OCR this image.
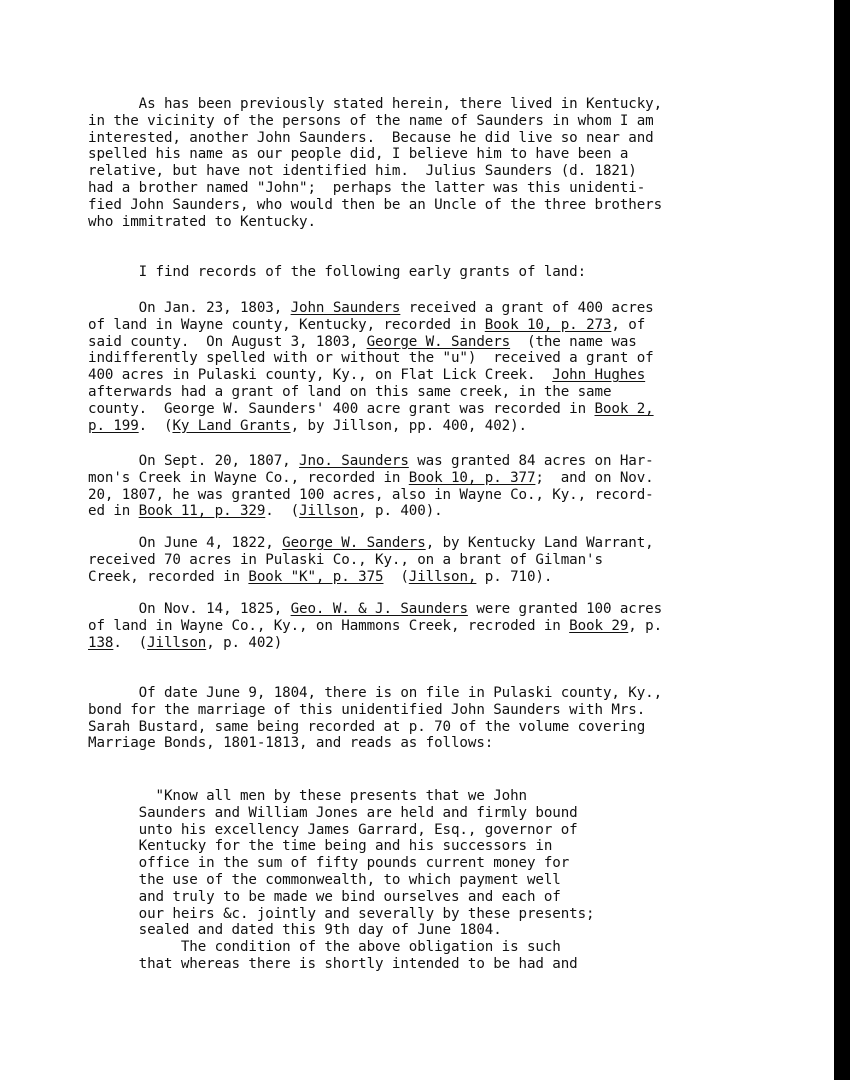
As has been previously stated herein, there lived in Kentucky,
in the vicinity of the persons of the name of Saunders in whom I am
interested, another John Saunders.  Because he did live so near and
spelled his name as our people did, I believe him to have been a
relative, but have not identified him.  Julius Saunders (d. 1821)
had a brother named "John";  perhaps the latter was this unidenti-
fied John Saunders, who would then be an Uncle of the three brothers
who immitrated to Kentucky.
I find records of the following early grants of land:
On Jan. 23, 1803, John Saunders received a grant of 400 acres
of land in Wayne county, Kentucky, recorded in Book 10, p. 273, of
said county.  On August 3, 1803, George W. Sanders  (the name was
indifferently spelled with or without the "u")  received a grant of
400 acres in Pulaski county, Ky., on Flat Lick Creek.  John Hughes
afterwards had a grant of land on this same creek, in the same
county.  George W. Saunders' 400 acre grant was recorded in Book 2,
p. 199.  (Ky Land Grants, by Jillson, pp. 400, 402).
On Sept. 20, 1807, Jno. Saunders was granted 84 acres on Har-
mon's Creek in Wayne Co., recorded in Book 10, p. 377;  and on Nov.
20, 1807, he was granted 100 acres, also in Wayne Co., Ky., record-
ed in Book 11, p. 329.  (Jillson, p. 400).
On June 4, 1822, George W. Sanders, by Kentucky Land Warrant,
received 70 acres in Pulaski Co., Ky., on a brant of Gilman's
Creek, recorded in Book "K", p. 375  (Jillson, p. 710).
On Nov. 14, 1825, Geo. W. & J. Saunders were granted 100 acres
of land in Wayne Co., Ky., on Hammons Creek, recroded in Book 29, p.
138.  (Jillson, p. 402)
Of date June 9, 1804, there is on file in Pulaski county, Ky.,
bond for the marriage of this unidentified John Saunders with Mrs.
Sarah Bustard, same being recorded at p. 70 of the volume covering
Marriage Bonds, 1801-1813, and reads as follows:
"Know all men by these presents that we John
Saunders and William Jones are held and firmly bound
unto his excellency James Garrard, Esq., governor of
Kentucky for the time being and his successors in
office in the sum of fifty pounds current money for
the use of the commonwealth, to which payment well
and truly to be made we bind ourselves and each of
our heirs &c. jointly and severally by these presents;
sealed and dated this 9th day of June 1804.
The condition of the above obligation is such
that whereas there is shortly intended to be had and
